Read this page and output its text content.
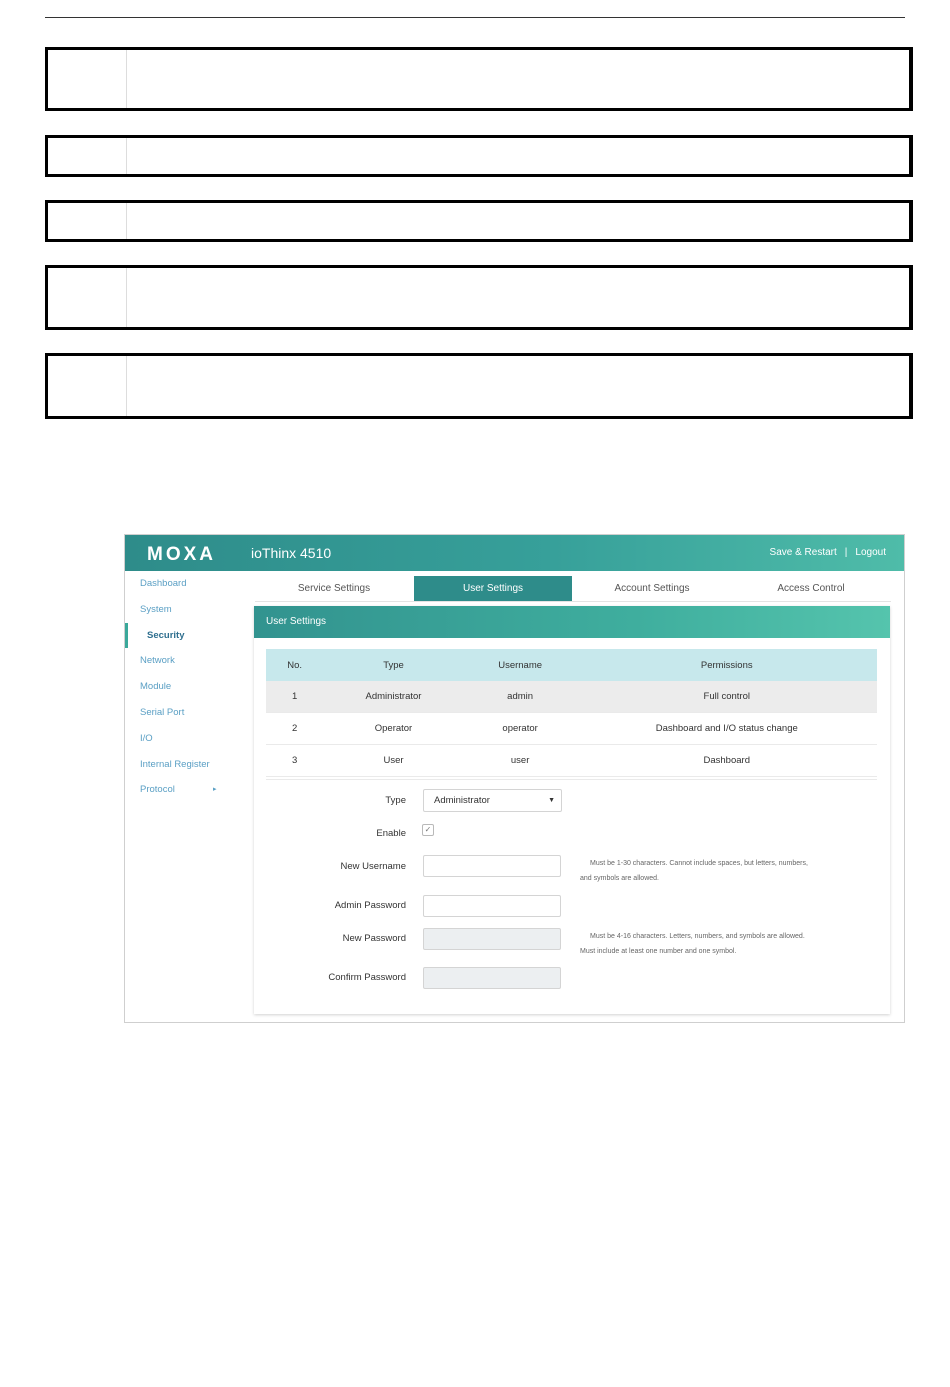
MOXA	ioThinx 4510	Save & Restart | Logout
Dashboard
System
Security
Network
Module
Serial Port
I/O
Internal Register
Protocol	▸
Service Settings	User Settings	Account Settings	Access Control
User Settings
No.	Type	Username	Permissions
1	Administrator	admin	Full control
2	Operator	operator	Dashboard and I/O status change
3	User	user	Dashboard
Type	Administrator	▼
Enable	✓
New Username	Must be 1-30 characters. Cannot include spaces, but letters, numbers, and symbols are allowed.
Admin Password
New Password	Must be 4-16 characters. Letters, numbers, and symbols are allowed. Must include at least one number and one symbol.
Confirm Password
